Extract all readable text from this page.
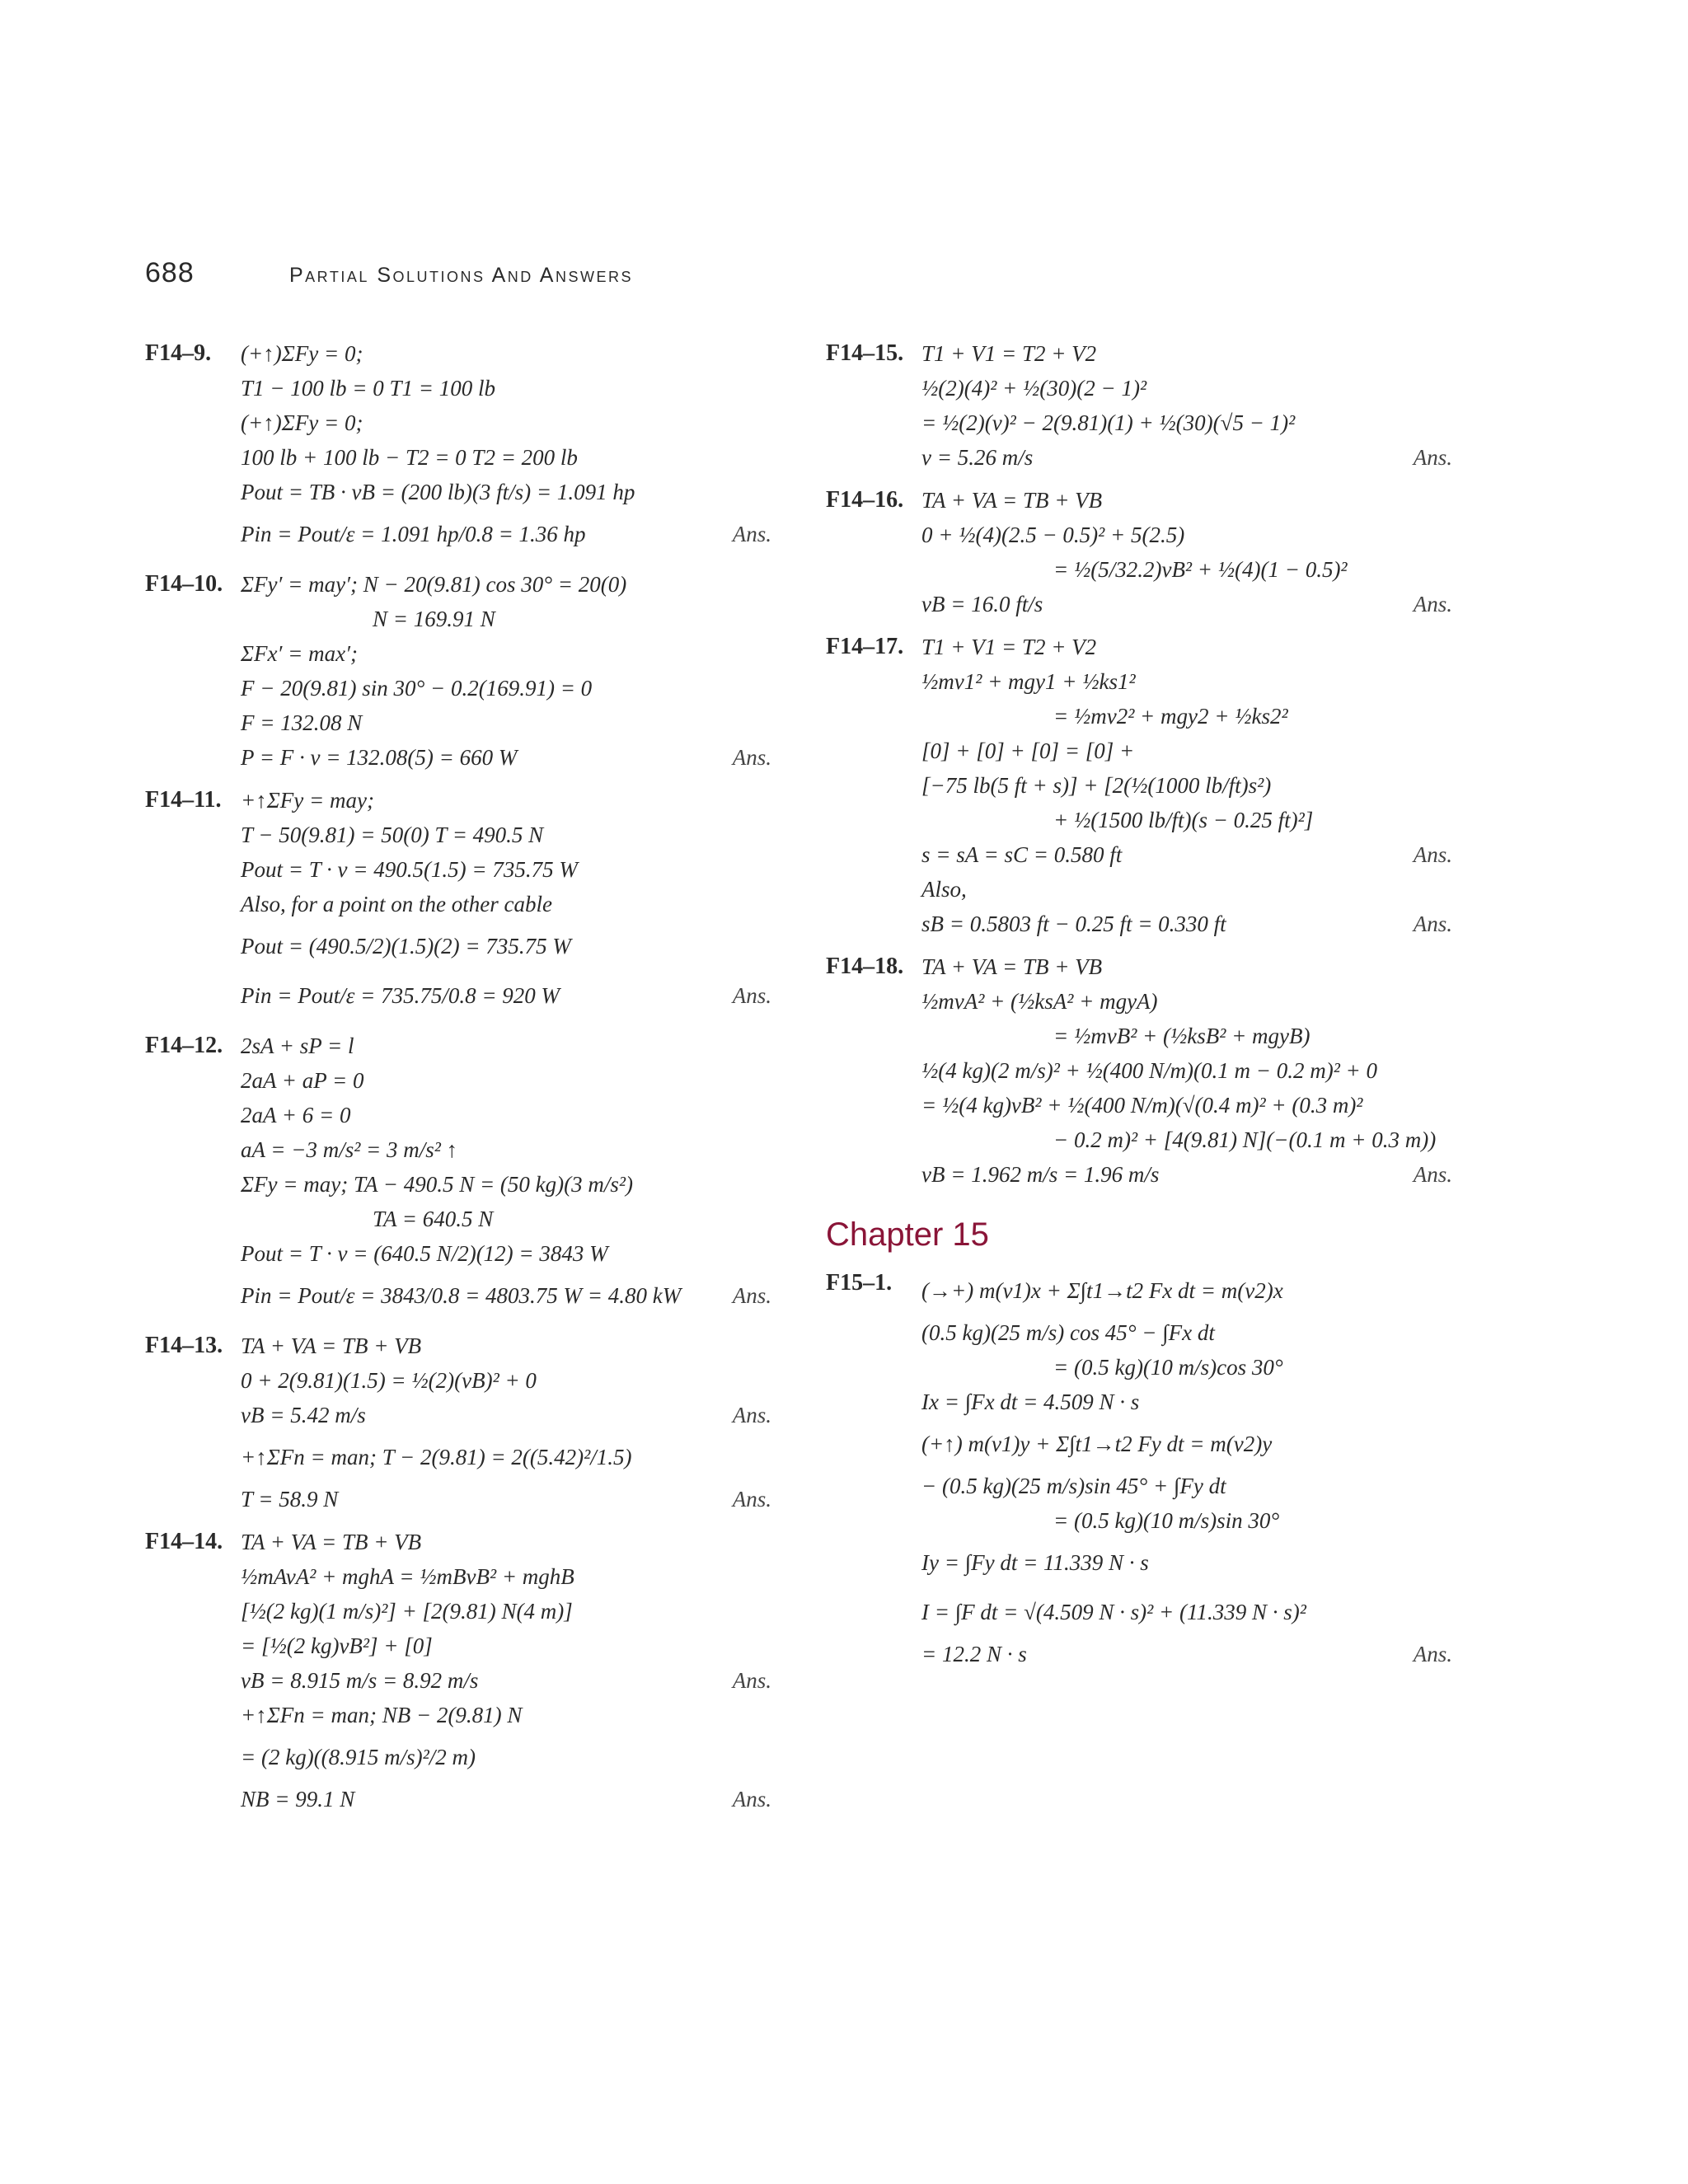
688	Partial Solutions And Answers
F14–9. (+↑)ΣFy = 0;
T1 − 100 lb = 0 T1 = 100 lb
(+↑)ΣFy = 0;
100 lb + 100 lb − T2 = 0 T2 = 200 lb
Pout = TB · vB = (200 lb)(3 ft/s) = 1.091 hp
Pin = Pout/ε = 1.091 hp/0.8 = 1.36 hp	Ans.
F14–10. ΣFy′ = may′; N − 20(9.81) cos 30° = 20(0)
N = 169.91 N
ΣFx′ = max′;
F − 20(9.81) sin 30° − 0.2(169.91) = 0
F = 132.08 N
P = F · v = 132.08(5) = 660 W	Ans.
F14–11. +↑ΣFy = may;
T − 50(9.81) = 50(0) T = 490.5 N
Pout = T · v = 490.5(1.5) = 735.75 W
Also, for a point on the other cable
Pout = (490.5/2)(1.5)(2) = 735.75 W
Pin = Pout/ε = 735.75/0.8 = 920 W	Ans.
F14–12. 2sA + sP = l
2aA + aP = 0
2aA + 6 = 0
aA = −3 m/s² = 3 m/s² ↑
ΣFy = may; TA − 490.5 N = (50 kg)(3 m/s²)
TA = 640.5 N
Pout = T · v = (640.5 N/2)(12) = 3843 W
Pin = Pout/ε = 3843/0.8 = 4803.75 W = 4.80 kW Ans.
F14–13. TA + VA = TB + VB
0 + 2(9.81)(1.5) = ½(2)(vB)² + 0
vB = 5.42 m/s	Ans.
+↑ΣFn = man; T − 2(9.81) = 2((5.42)²/1.5)
T = 58.9 N	Ans.
F14–14. TA + VA = TB + VB
½mAvA² + mghA = ½mBvB² + mghB
[½(2 kg)(1 m/s)²] + [2(9.81) N(4 m)]
= [½(2 kg)vB²] + [0]
vB = 8.915 m/s = 8.92 m/s	Ans.
+↑ΣFn = man; NB − 2(9.81) N
= (2 kg)((8.915 m/s)²/2 m)
NB = 99.1 N	Ans.
F14–15. T1 + V1 = T2 + V2
½(2)(4)² + ½(30)(2 − 1)²
= ½(2)(v)² − 2(9.81)(1) + ½(30)(√5 − 1)²
v = 5.26 m/s	Ans.
F14–16. TA + VA = TB + VB
0 + ½(4)(2.5 − 0.5)² + 5(2.5)
= ½(5/32.2)vB² + ½(4)(1 − 0.5)²
vB = 16.0 ft/s	Ans.
F14–17. T1 + V1 = T2 + V2
½mv1² + mgy1 + ½ks1²
= ½mv2² + mgy2 + ½ks2²
[0] + [0] + [0] = [0] +
[−75 lb(5 ft + s)] + [2(½(1000 lb/ft)s²)
+ ½(1500 lb/ft)(s − 0.25 ft)²]
s = sA = sC = 0.580 ft	Ans.
Also,
sB = 0.5803 ft − 0.25 ft = 0.330 ft	Ans.
F14–18. TA + VA = TB + VB
½mvA² + (½ksA² + mgyA)
= ½mvB² + (½ksB² + mgyB)
½(4 kg)(2 m/s)² + ½(400 N/m)(0.1 m − 0.2 m)² + 0
= ½(4 kg)vB² + ½(400 N/m)(√(0.4 m)² + (0.3 m)²
− 0.2 m)² + [4(9.81) N](−(0.1 m + 0.3 m))
vB = 1.962 m/s = 1.96 m/s	Ans.
Chapter 15
F15–1. (→+) m(v1)x + Σ∫t1→t2 Fx dt = m(v2)x
(0.5 kg)(25 m/s) cos 45° − ∫Fx dt
= (0.5 kg)(10 m/s)cos 30°
Ix = ∫Fx dt = 4.509 N · s
(+↑) m(v1)y + Σ∫t1→t2 Fy dt = m(v2)y
− (0.5 kg)(25 m/s)sin 45° + ∫Fy dt
= (0.5 kg)(10 m/s)sin 30°
Iy = ∫Fy dt = 11.339 N · s
I = ∫F dt = √(4.509 N · s)² + (11.339 N · s)²
= 12.2 N · s	Ans.
